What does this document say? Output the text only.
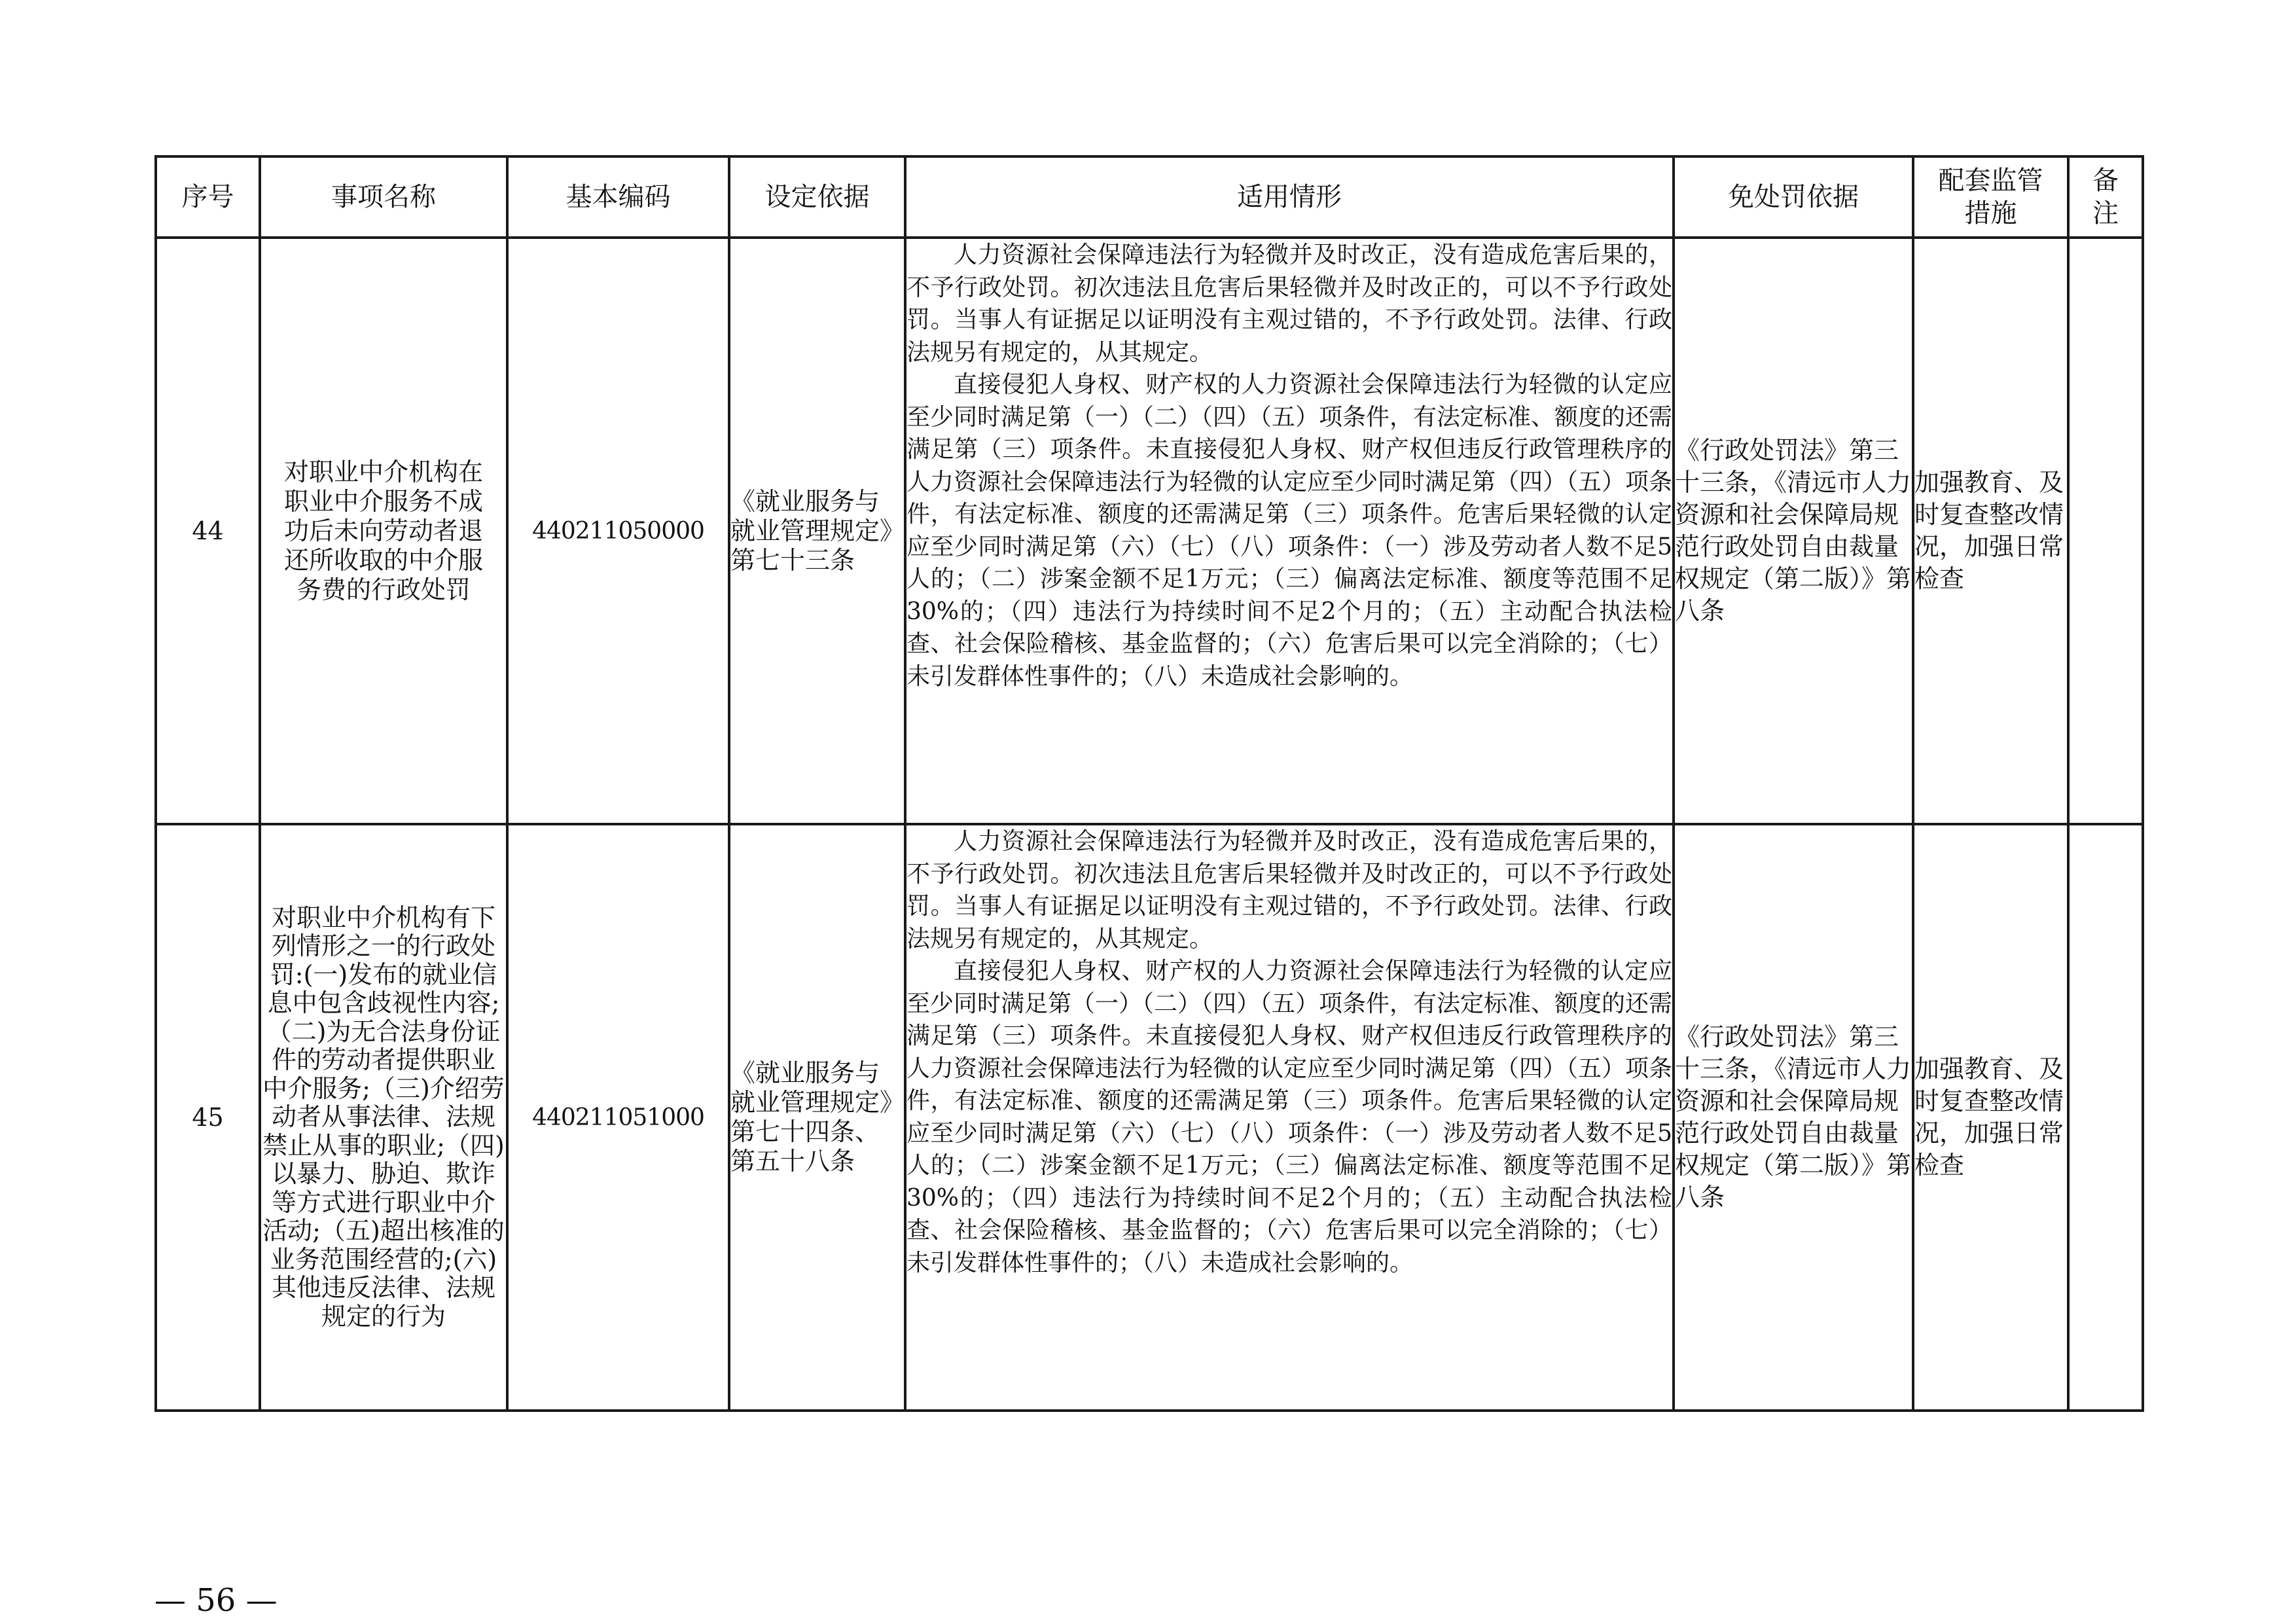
序号	事项名称	基本编码	设定依据	适用情形	免处罚依据	配套监管措施	备注
44	对职业中介机构在职业中介服务不成功后未向劳动者退还所收取的中介服务费的行政处罚	440211050000	《就业服务与就业管理规定》第七十三条	人力资源社会保障违法行为轻微并及时改正，没有造成危害后果的，不予行政处罚。初次违法且危害后果轻微并及时改正的，可以不予行政处罚。当事人有证据足以证明没有主观过错的，不予行政处罚。法律、行政法规另有规定的，从其规定。

直接侵犯人身权、财产权的人力资源社会保障违法行为轻微的认定应至少同时满足第（一）（二）（四）（五）项条件，有法定标准、额度的还需满足第（三）项条件。未直接侵犯人身权、财产权但违反行政管理秩序的人力资源社会保障违法行为轻微的认定应至少同时满足第（四）（五）项条件，有法定标准、额度的还需满足第（三）项条件。危害后果轻微的认定应至少同时满足第（六）（七）（八）项条件：（一）涉及劳动者人数不足5人的；（二）涉案金额不足1万元；（三）偏离法定标准、额度等范围不足30%的；（四）违法行为持续时间不足2个月的；（五）主动配合执法检查、社会保险稽核、基金监督的；（六）危害后果可以完全消除的；（七）未引发群体性事件的；（八）未造成社会影响的。	《行政处罚法》第三十三条，《清远市人力资源和社会保障局规范行政处罚自由裁量权规定（第二版）》第八条	加强教育、及时复查整改情况，加强日常检查	
45	对职业中介机构有下列情形之一的行政处罚:(一)发布的就业信息中包含歧视性内容;（二)为无合法身份证件的劳动者提供职业中介服务;（三)介绍劳动者从事法律、法规禁止从事的职业;（四)以暴力、胁迫、欺诈等方式进行职业中介活动;（五)超出核准的业务范围经营的;(六)其他违反法律、法规规定的行为	440211051000	《就业服务与就业管理规定》第七十四条、第五十八条	人力资源社会保障违法行为轻微并及时改正，没有造成危害后果的，不予行政处罚。初次违法且危害后果轻微并及时改正的，可以不予行政处罚。当事人有证据足以证明没有主观过错的，不予行政处罚。法律、行政法规另有规定的，从其规定。

直接侵犯人身权、财产权的人力资源社会保障违法行为轻微的认定应至少同时满足第（一）（二）（四）（五）项条件，有法定标准、额度的还需满足第（三）项条件。未直接侵犯人身权、财产权但违反行政管理秩序的人力资源社会保障违法行为轻微的认定应至少同时满足第（四）（五）项条件，有法定标准、额度的还需满足第（三）项条件。危害后果轻微的认定应至少同时满足第（六）（七）（八）项条件：（一）涉及劳动者人数不足5人的；（二）涉案金额不足1万元；（三）偏离法定标准、额度等范围不足30%的；（四）违法行为持续时间不足2个月的；（五）主动配合执法检查、社会保险稽核、基金监督的；（六）危害后果可以完全消除的；（七）未引发群体性事件的；（八）未造成社会影响的。	《行政处罚法》第三十三条，《清远市人力资源和社会保障局规范行政处罚自由裁量权规定（第二版）》第八条	加强教育、及时复查整改情况，加强日常检查	
— 56 —
